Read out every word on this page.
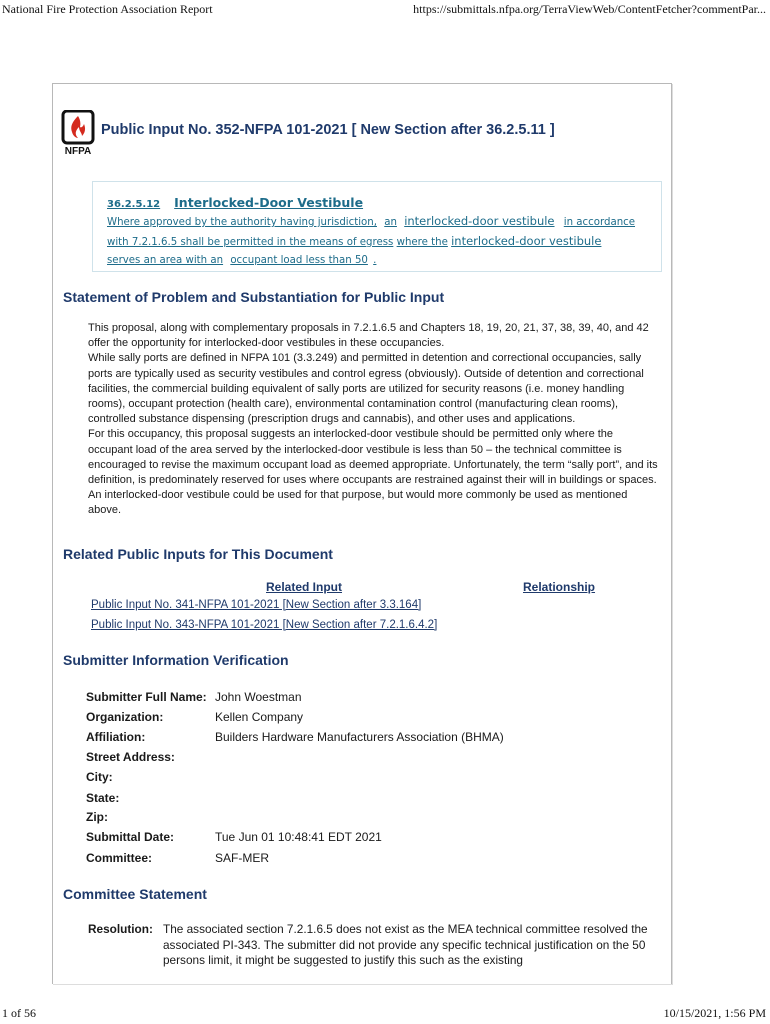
National Fire Protection Association Report	https://submittals.nfpa.org/TerraViewWeb/ContentFetcher?commentPar...
NFPA
Public Input No. 352-NFPA 101-2021 [ New Section after 36.2.5.11 ]
36.2.5.12 Interlocked-Door Vestibule
Where approved by the authority having jurisdiction, an interlocked-door vestibule in accordance
with 7.2.1.6.5 shall be permitted in the means of egress where the interlocked-door vestibule
serves an area with an occupant load less than 50 .
Statement of Problem and Substantiation for Public Input

This proposal, along with complementary proposals in 7.2.1.6.5 and Chapters 18, 19, 20, 21, 37, 38, 39, 40, and 42 offer the opportunity for interlocked-door vestibules in these occupancies.

While sally ports are defined in NFPA 101 (3.3.249) and permitted in detention and correctional occupancies, sally ports are typically used as security vestibules and control egress (obviously). Outside of detention and correctional facilities, the commercial building equivalent of sally ports are utilized for security reasons (i.e. money handling rooms), occupant protection (health care), environmental contamination control (manufacturing clean rooms), controlled substance dispensing (prescription drugs and cannabis), and other uses and applications.

For this occupancy, this proposal suggests an interlocked-door vestibule should be permitted only where the occupant load of the area served by the interlocked-door vestibule is less than 50 – the technical committee is encouraged to revise the maximum occupant load as deemed appropriate. Unfortunately, the term “sally port”, and its definition, is predominately reserved for uses where occupants are restrained against their will in buildings or spaces. An interlocked-door vestibule could be used for that purpose, but would more commonly be used as mentioned above.

Related Public Inputs for This Document
Related Input	Relationship
Public Input No. 341-NFPA 101-2021 [New Section after 3.3.164]
Public Input No. 343-NFPA 101-2021 [New Section after 7.2.1.6.4.2]
Submitter Information Verification
Submitter Full Name: John Woestman
Organization:	Kellen Company
Affiliation:	Builders Hardware Manufacturers Association (BHMA)
Street Address:
City:
State:
Zip:
Submittal Date:	Tue Jun 01 10:48:41 EDT 2021
Committee:	SAF-MER
Committee Statement
Resolution: The associated section 7.2.1.6.5 does not exist as the MEA technical committee resolved the associated PI-343. The submitter did not provide any specific technical justification on the 50 persons limit, it might be suggested to justify this such as the existing
1 of 56	10/15/2021, 1:56 PM
